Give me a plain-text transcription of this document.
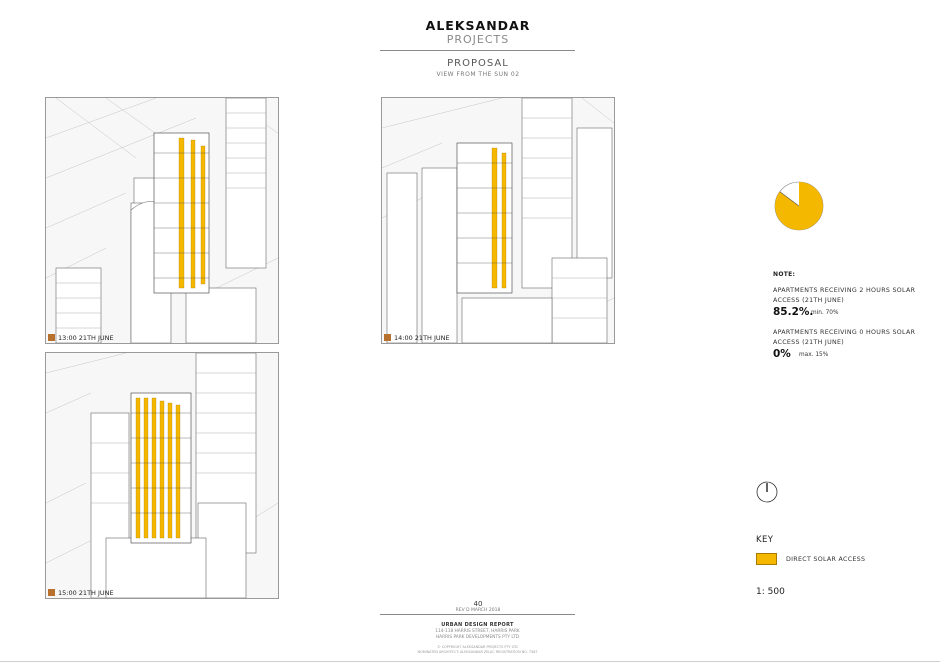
ALEKSANDAR
PROJECTS
PROPOSAL
VIEW FROM THE SUN 02
13:00 21TH JUNE	14:00 21TH JUNE
15:00 21TH JUNE
NOTE:
APARTMENTS RECEIVING 2 HOURS SOLAR
ACCESS (21TH JUNE)
85.2%.
min. 70%
APARTMENTS RECEIVING 0 HOURS SOLAR
ACCESS (21TH JUNE)
0% max. 15%
KEY
DIRECT SOLAR ACCESS
1: 500
40
REV D MARCH 2018
URBAN DESIGN REPORT
114-118 HARRIS STREET, HARRIS PARK
HARRIS PARK DEVELOPMENTS PTY LTD
© COPYRIGHT ALEKSANDAR PROJECTS PTY LTD
NOMINATED ARCHITECT: ALEKSANDAR ZELJIC REGISTRATION NO. 7587
